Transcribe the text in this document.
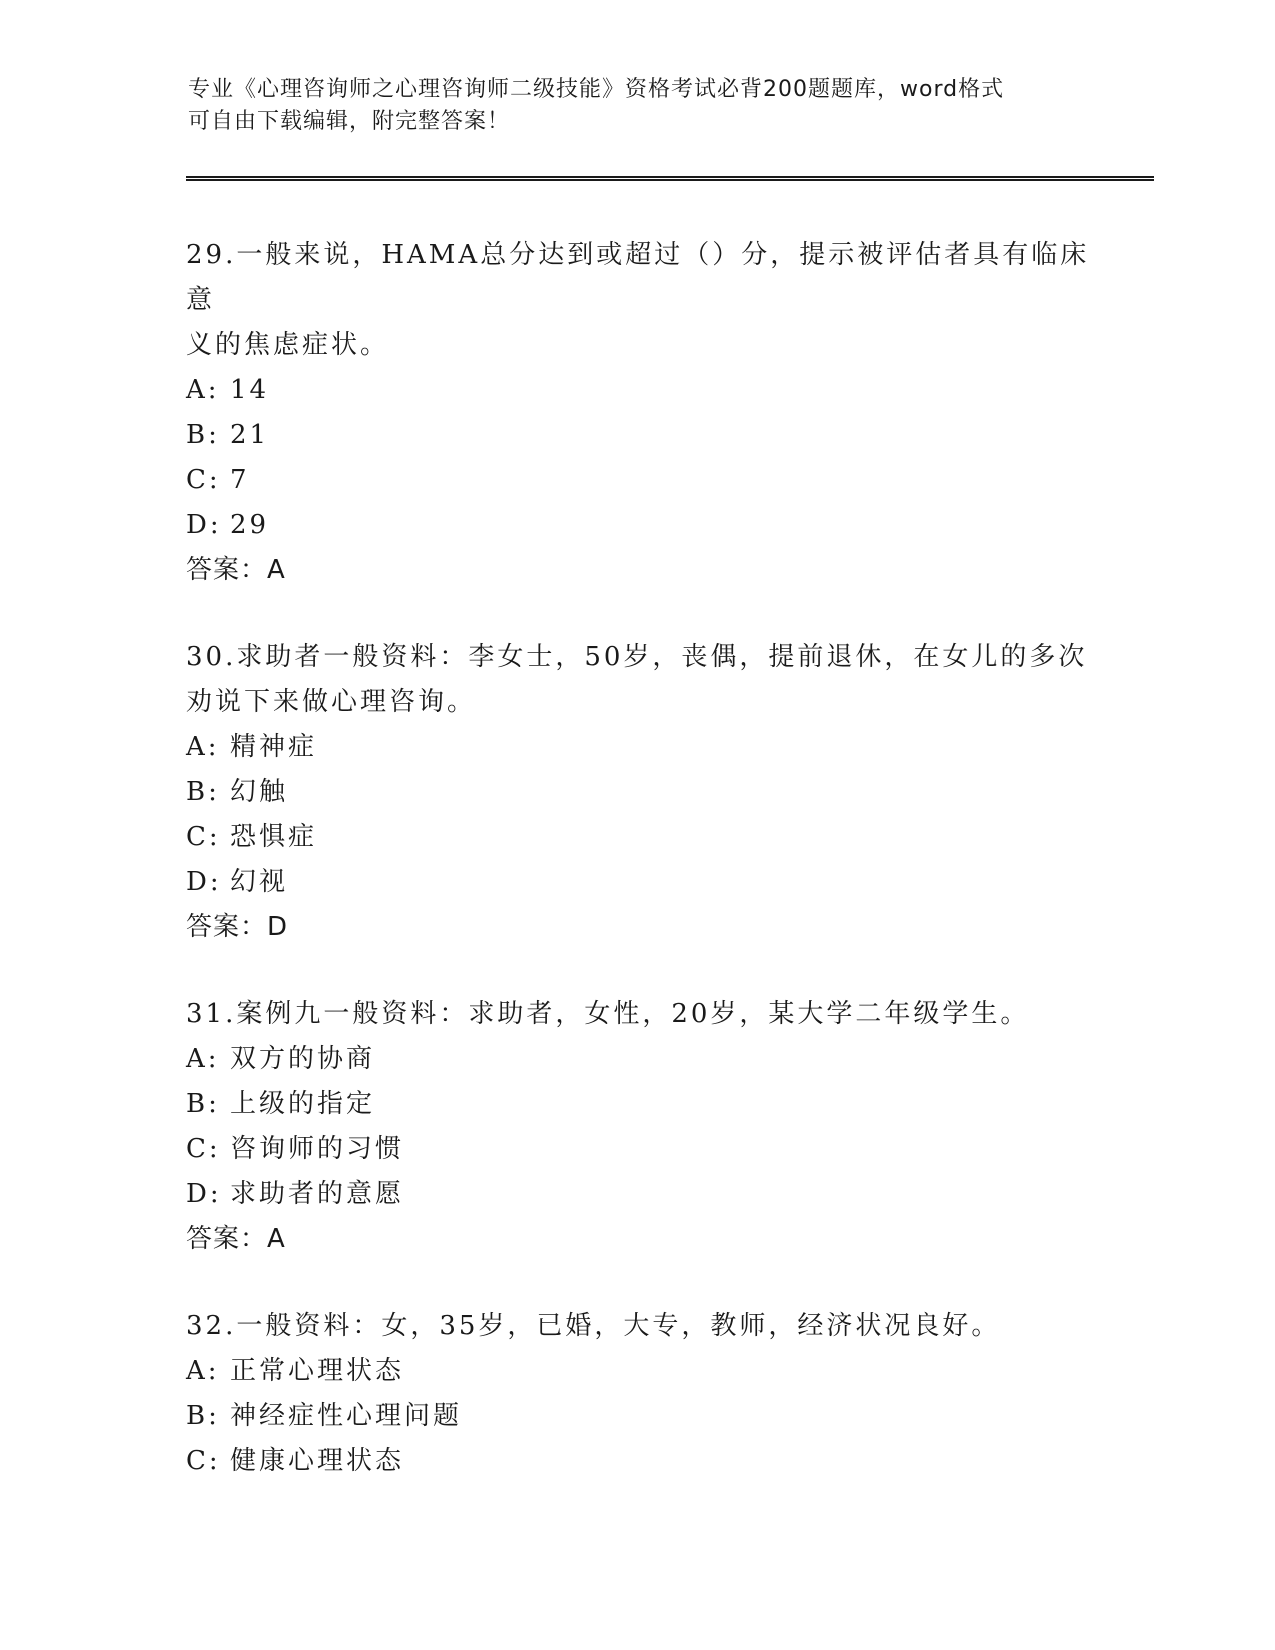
专业《心理咨询师之心理咨询师二级技能》资格考试必背200题题库，word格式
可自由下载编辑，附完整答案！

29.一般来说，HAMA总分达到或超过（）分，提示被评估者具有临床意
义的焦虑症状。

A: 14

B: 21

C: 7

D: 29

答案：A

30.求助者一般资料：李女士，50岁，丧偶，提前退休，在女儿的多次
劝说下来做心理咨询。

A: 精神症

B: 幻触

C: 恐惧症

D: 幻视

答案：D

31.案例九一般资料：求助者，女性，20岁，某大学二年级学生。

A: 双方的协商

B: 上级的指定

C: 咨询师的习惯

D: 求助者的意愿

答案：A

32.一般资料：女，35岁，已婚，大专，教师，经济状况良好。

A: 正常心理状态

B: 神经症性心理问题

C: 健康心理状态
